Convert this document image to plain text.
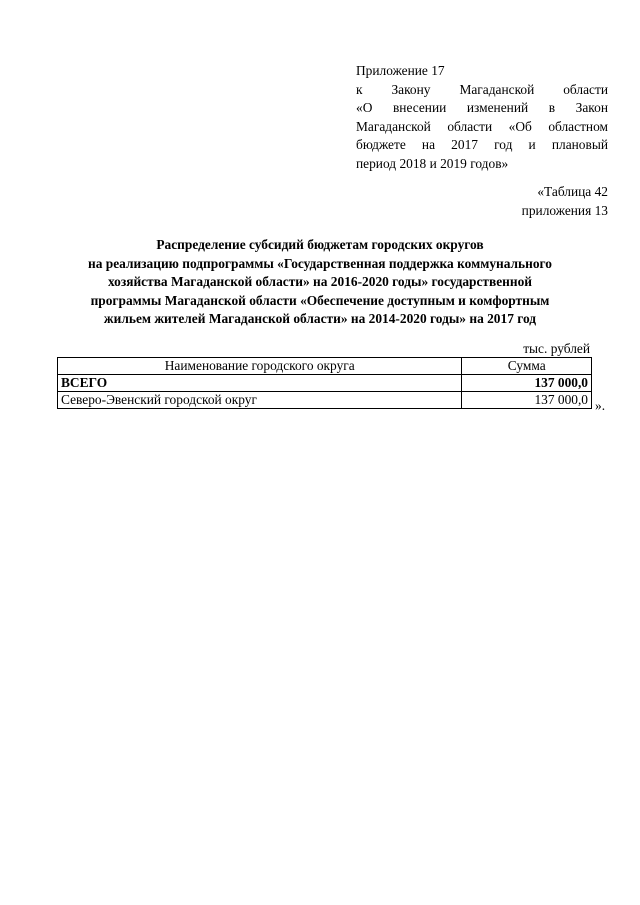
Приложение 17
к Закону Магаданской области
«О внесении изменений в Закон
Магаданской области «Об областном
бюджете на 2017 год и плановый
период 2018 и 2019 годов»
«Таблица 42
приложения 13
Распределение субсидий бюджетам городских округов
на реализацию подпрограммы «Государственная поддержка коммунального
хозяйства Магаданской области» на 2016-2020 годы» государственной
программы Магаданской области «Обеспечение доступным и комфортным
жильем жителей Магаданской области» на 2014-2020 годы» на 2017 год
тыс. рублей
Наименование городского округа	Сумма
ВСЕГО	137 000,0
Северо-Эвенский городской округ	137 000,0 ».
